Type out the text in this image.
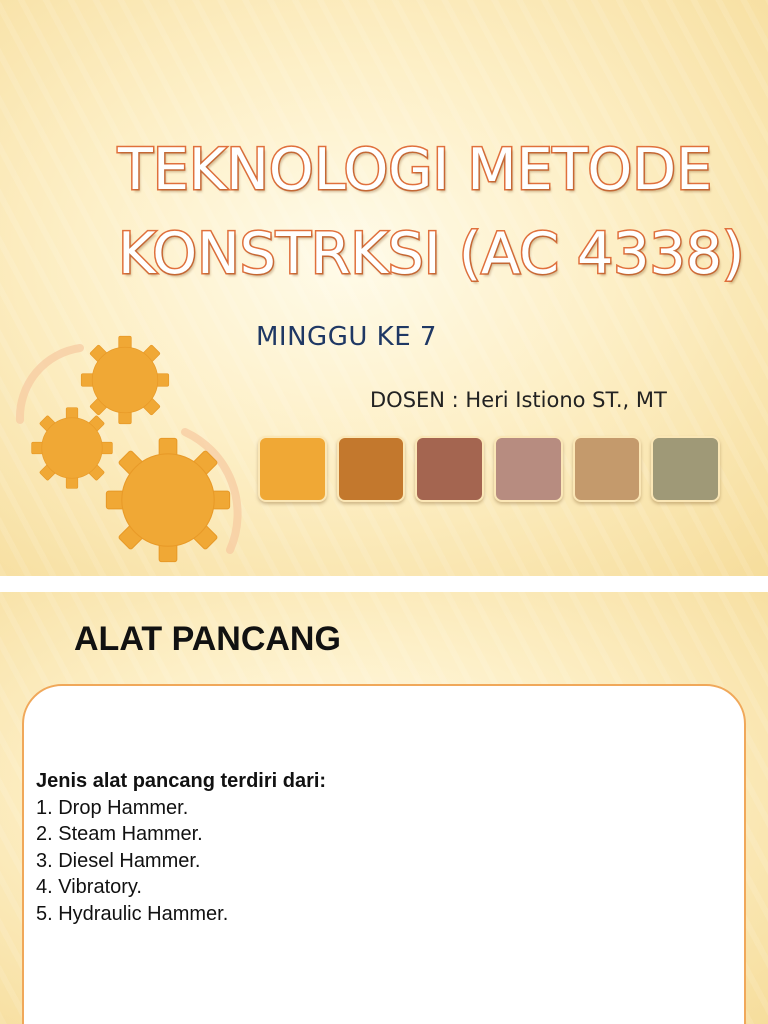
TEKNOLOGI METODE
KONSTRKSI (AC 4338)
MINGGU KE 7
DOSEN : Heri Istiono ST., MT
ALAT PANCANG
Jenis alat pancang terdiri dari:
1. Drop Hammer.
2. Steam Hammer.
3. Diesel Hammer.
4. Vibratory.
5. Hydraulic Hammer.
